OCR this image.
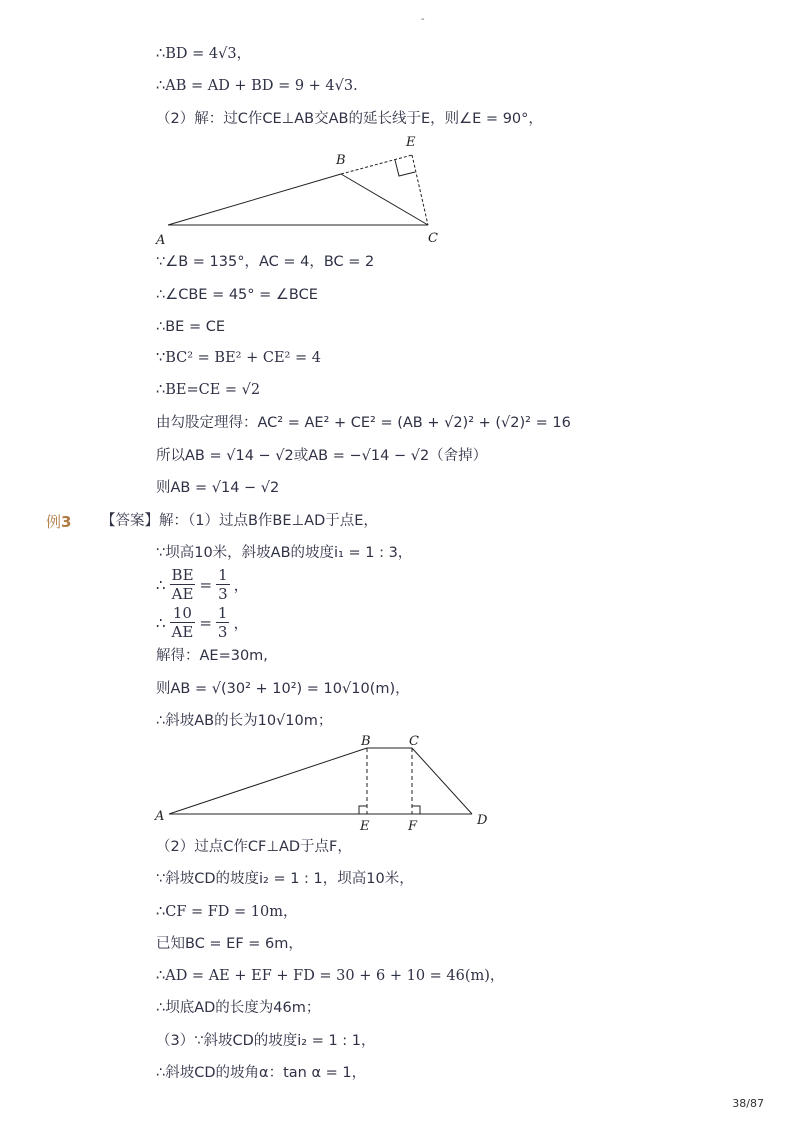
-
∴BD = 4√3，
∴AB = AD + BD = 9 + 4√3.
（2）解：过C作CE⊥AB交AB的延长线于E，则∠E = 90°，
A
B
C
E
∵∠B = 135°，AC = 4，BC = 2
∴∠CBE = 45° = ∠BCE
∴BE = CE
∵BC² = BE² + CE² = 4
∴BE=CE = √2
由勾股定理得：AC² = AE² + CE² = (AB + √2)² + (√2)² = 16
所以AB = √14 − √2或AB = −√14 − √2（舍掉）
则AB = √14 − √2
例3 【答案】解：（1）过点B作BE⊥AD于点E，
∵坝高10米，斜坡AB的坡度i₁ = 1 : 3，
∴ $\frac{BE}{AE} = \frac{1}{3}$ ，
∴ $\frac{10}{AE} = \frac{1}{3}$ ，
解得：AE=30m,
则AB = √(30² + 10²) = 10√10(m)，
∴斜坡AB的长为10√10m；
A
B	C
D
E	F
（2）过点C作CF⊥AD于点F，
∵斜坡CD的坡度i₂ = 1 : 1，坝高10米，
∴CF = FD = 10m，
已知BC = EF = 6m，
∴AD = AE + EF + FD = 30 + 6 + 10 = 46(m)，
∴坝底AD的长度为46m；
（3）∵斜坡CD的坡度i₂ = 1 : 1，
∴斜坡CD的坡角α：tan α = 1，
38/87
